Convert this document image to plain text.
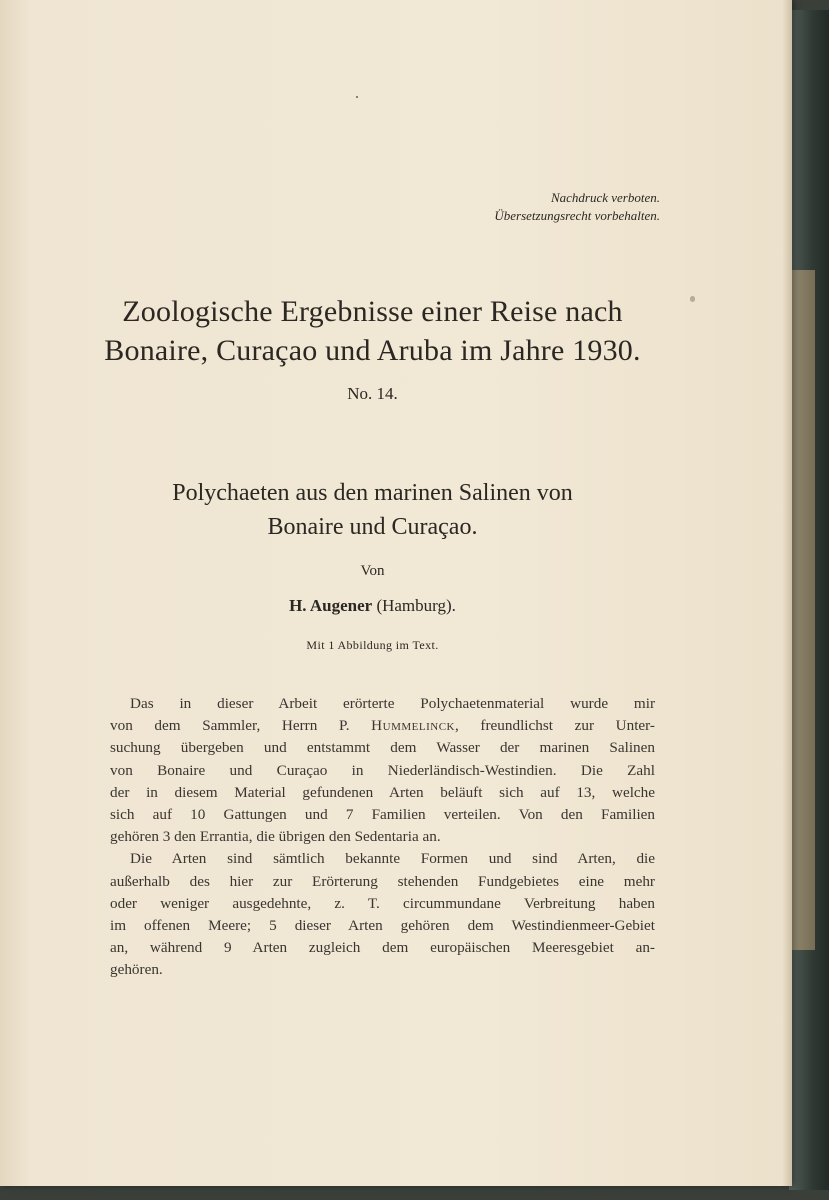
Nachdruck verboten.
Übersetzungsrecht vorbehalten.
Zoologische Ergebnisse einer Reise nach
Bonaire, Curaçao und Aruba im Jahre 1930.
No. 14.
Polychaeten aus den marinen Salinen von
Bonaire und Curaçao.
Von
H. Augener (Hamburg).
Mit 1 Abbildung im Text.
Das in dieser Arbeit erörterte Polychaetenmaterial wurde mir
von dem Sammler, Herrn P. Hummelinck, freundlichst zur Unter-
suchung übergeben und entstammt dem Wasser der marinen Salinen
von Bonaire und Curaçao in Niederländisch-Westindien. Die Zahl
der in diesem Material gefundenen Arten beläuft sich auf 13, welche
sich auf 10 Gattungen und 7 Familien verteilen. Von den Familien
gehören 3 den Errantia, die übrigen den Sedentaria an.
Die Arten sind sämtlich bekannte Formen und sind Arten, die
außerhalb des hier zur Erörterung stehenden Fundgebietes eine mehr
oder weniger ausgedehnte, z. T. circummundane Verbreitung haben
im offenen Meere; 5 dieser Arten gehören dem Westindienmeer-Gebiet
an, während 9 Arten zugleich dem europäischen Meeresgebiet an-
gehören.
